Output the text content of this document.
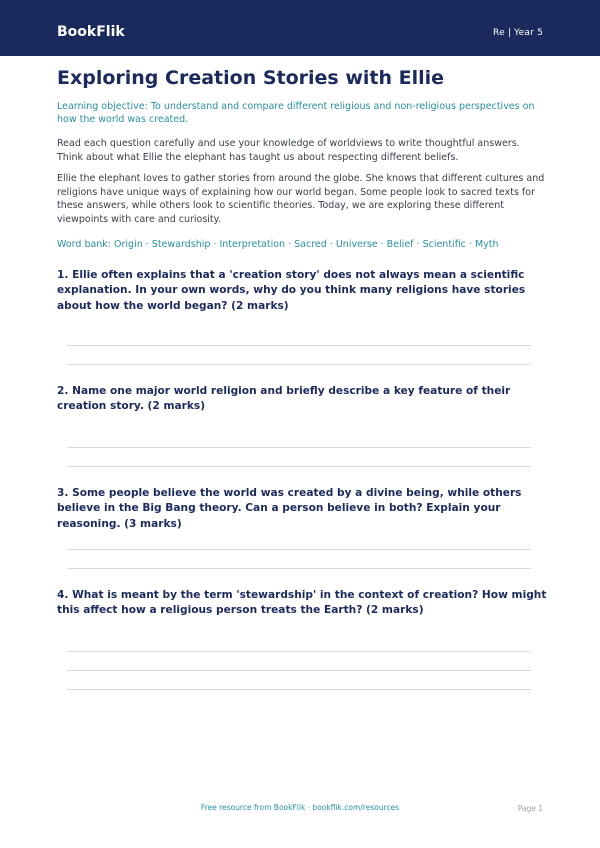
BookFlik	Re | Year 5
Exploring Creation Stories with Ellie

Learning objective: To understand and compare different religious and non-religious perspectives on how the world was created.

Read each question carefully and use your knowledge of worldviews to write thoughtful answers. Think about what Ellie the elephant has taught us about respecting different beliefs.

Ellie the elephant loves to gather stories from around the globe. She knows that different cultures and religions have unique ways of explaining how our world began. Some people look to sacred texts for these answers, while others look to scientific theories. Today, we are exploring these different viewpoints with care and curiosity.

Word bank: Origin · Stewardship · Interpretation · Sacred · Universe · Belief · Scientific · Myth

1. Ellie often explains that a 'creation story' does not always mean a scientific explanation. In your own words, why do you think many religions have stories about how the world began? (2 marks)

2. Name one major world religion and briefly describe a key feature of their creation story. (2 marks)

3. Some people believe the world was created by a divine being, while others believe in the Big Bang theory. Can a person believe in both? Explain your reasoning. (3 marks)

4. What is meant by the term 'stewardship' in the context of creation? How might this affect how a religious person treats the Earth? (2 marks)

Free resource from BookFlik · bookflik.com/resources	Page 1
